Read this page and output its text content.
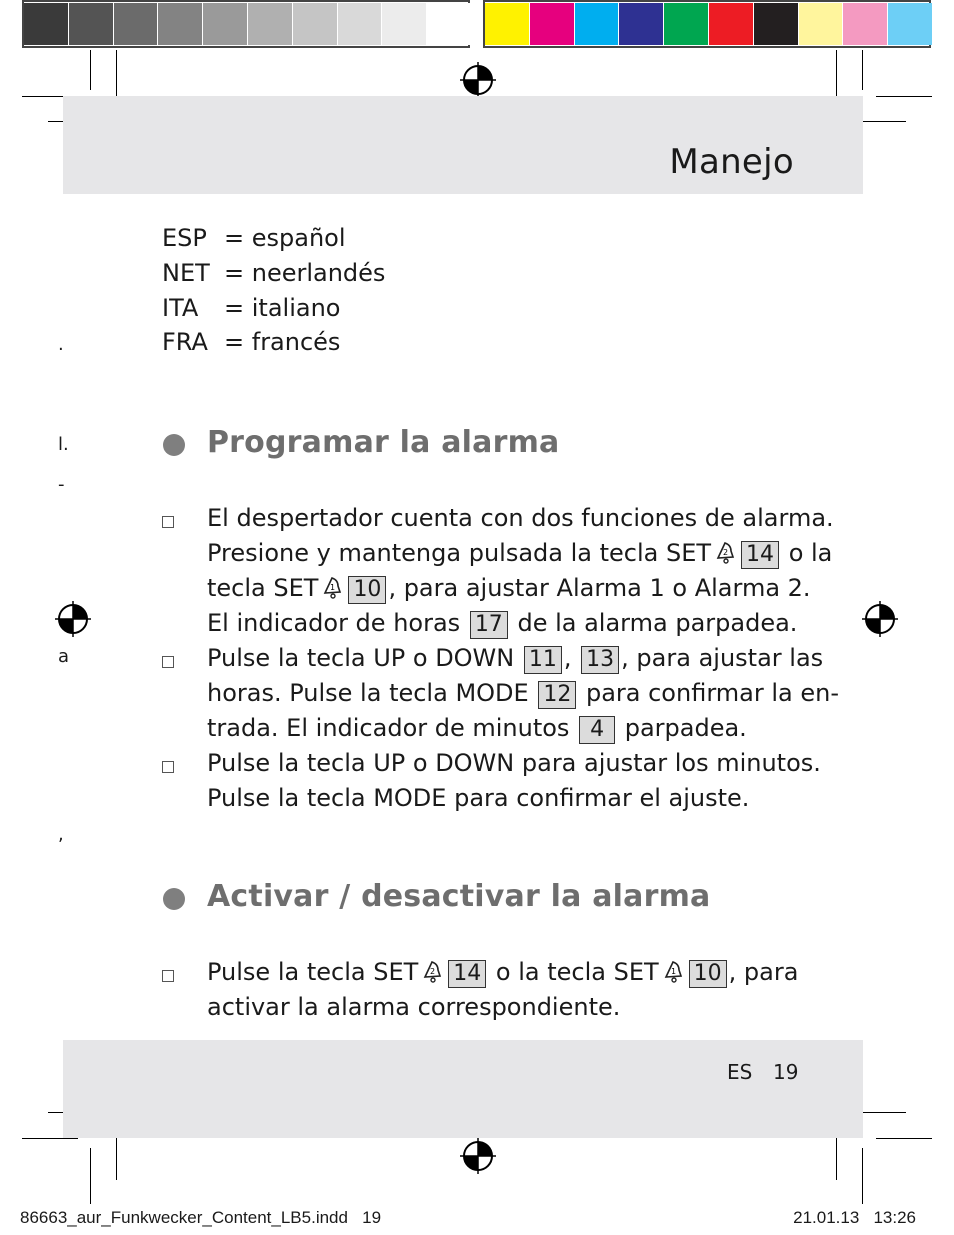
Manejo
.
l.
-
a
,
ESP = español
NET = neerlandés
ITA = italiano
FRA = francés
Programar la alarma
El despertador cuenta con dos funciones de alarma.
Presione y mantenga pulsada la tecla SET 2 14 o la
tecla SET 1 10 , para ajustar Alarma 1 o Alarma 2.
El indicador de horas 17 de la alarma parpadea.
Pulse la tecla UP o DOWN 11 , 13 , para ajustar las
horas. Pulse la tecla MODE 12 para confirmar la en-
trada. El indicador de minutos 4 parpadea.
Pulse la tecla UP o DOWN para ajustar los minutos.
Pulse la tecla MODE para confirmar el ajuste.
Activar / desactivar la alarma
Pulse la tecla SET 2 14 o la tecla SET 1 10 , para
activar la alarma correspondiente.
ES 19
86663_aur_Funkwecker_Content_LB5.indd   19	21.01.13   13:26
